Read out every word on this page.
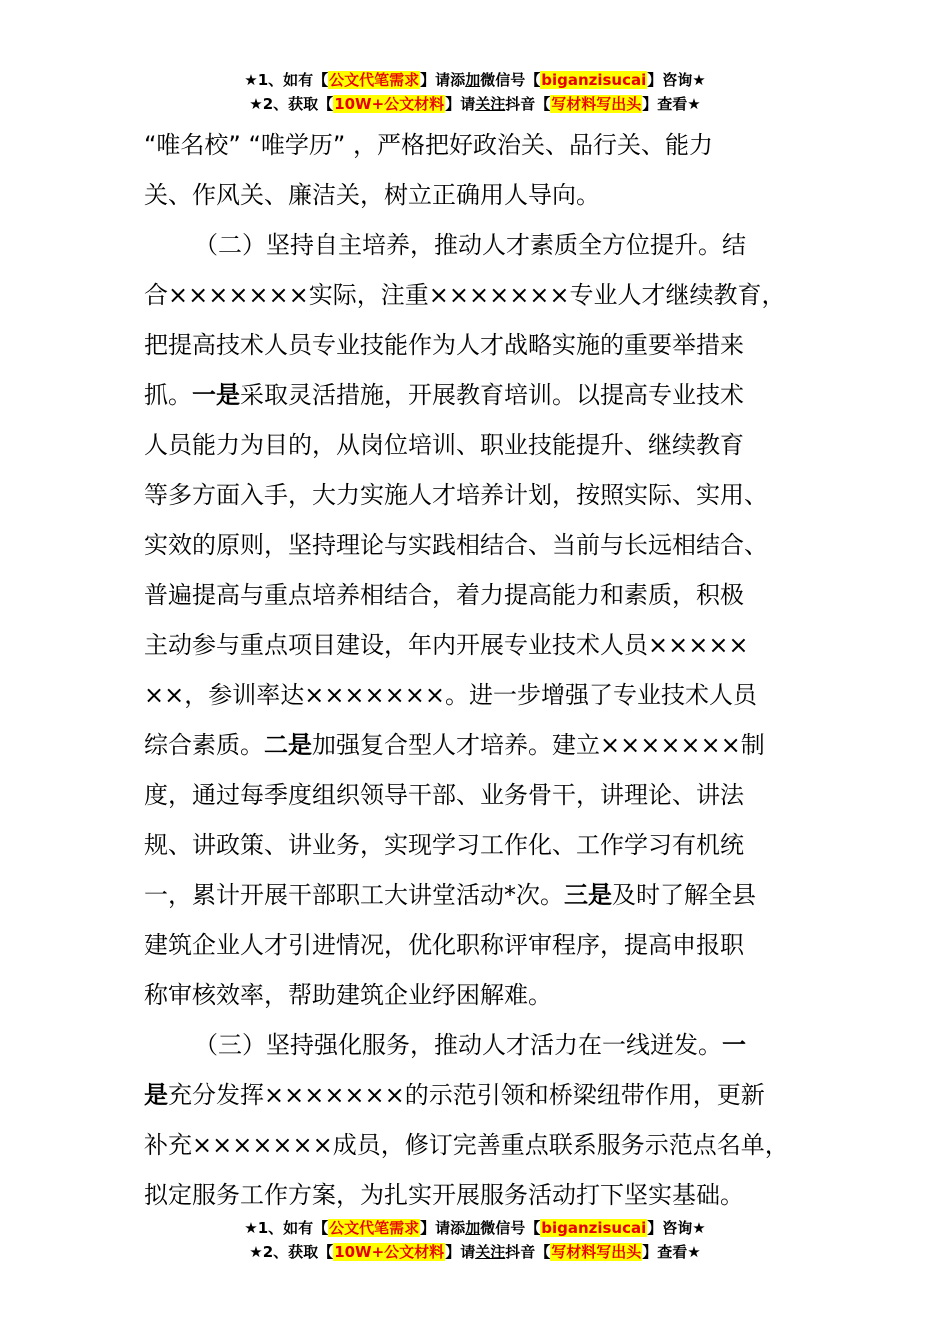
★1、如有【公文代笔需求】请添加微信号【biganzisucai】咨询★
★2、获取【10W+公文材料】请关注抖音【写材料写出头】查看★
“唯名校” “唯学历” ，严格把好政治关、品行关、能力
关、作风关、廉洁关，树立正确用人导向。
（二）坚持自主培养，推动人才素质全方位提升。结
合×××××××实际，注重×××××××专业人才继续教育，
把提高技术人员专业技能作为人才战略实施的重要举措来
抓。一是采取灵活措施，开展教育培训。以提高专业技术
人员能力为目的，从岗位培训、职业技能提升、继续教育
等多方面入手，大力实施人才培养计划，按照实际、实用、
实效的原则，坚持理论与实践相结合、当前与长远相结合、
普遍提高与重点培养相结合，着力提高能力和素质，积极
主动参与重点项目建设，年内开展专业技术人员×××××
××，参训率达×××××××。进一步增强了专业技术人员
综合素质。二是加强复合型人才培养。建立×××××××制
度，通过每季度组织领导干部、业务骨干，讲理论、讲法
规、讲政策、讲业务，实现学习工作化、工作学习有机统
一，累计开展干部职工大讲堂活动*次。三是及时了解全县
建筑企业人才引进情况，优化职称评审程序，提高申报职
称审核效率，帮助建筑企业纾困解难。
（三）坚持强化服务，推动人才活力在一线迸发。一
是充分发挥×××××××的示范引领和桥梁纽带作用，更新
补充×××××××成员，修订完善重点联系服务示范点名单，
拟定服务工作方案，为扎实开展服务活动打下坚实基础。
★1、如有【公文代笔需求】请添加微信号【biganzisucai】咨询★
★2、获取【10W+公文材料】请关注抖音【写材料写出头】查看★
